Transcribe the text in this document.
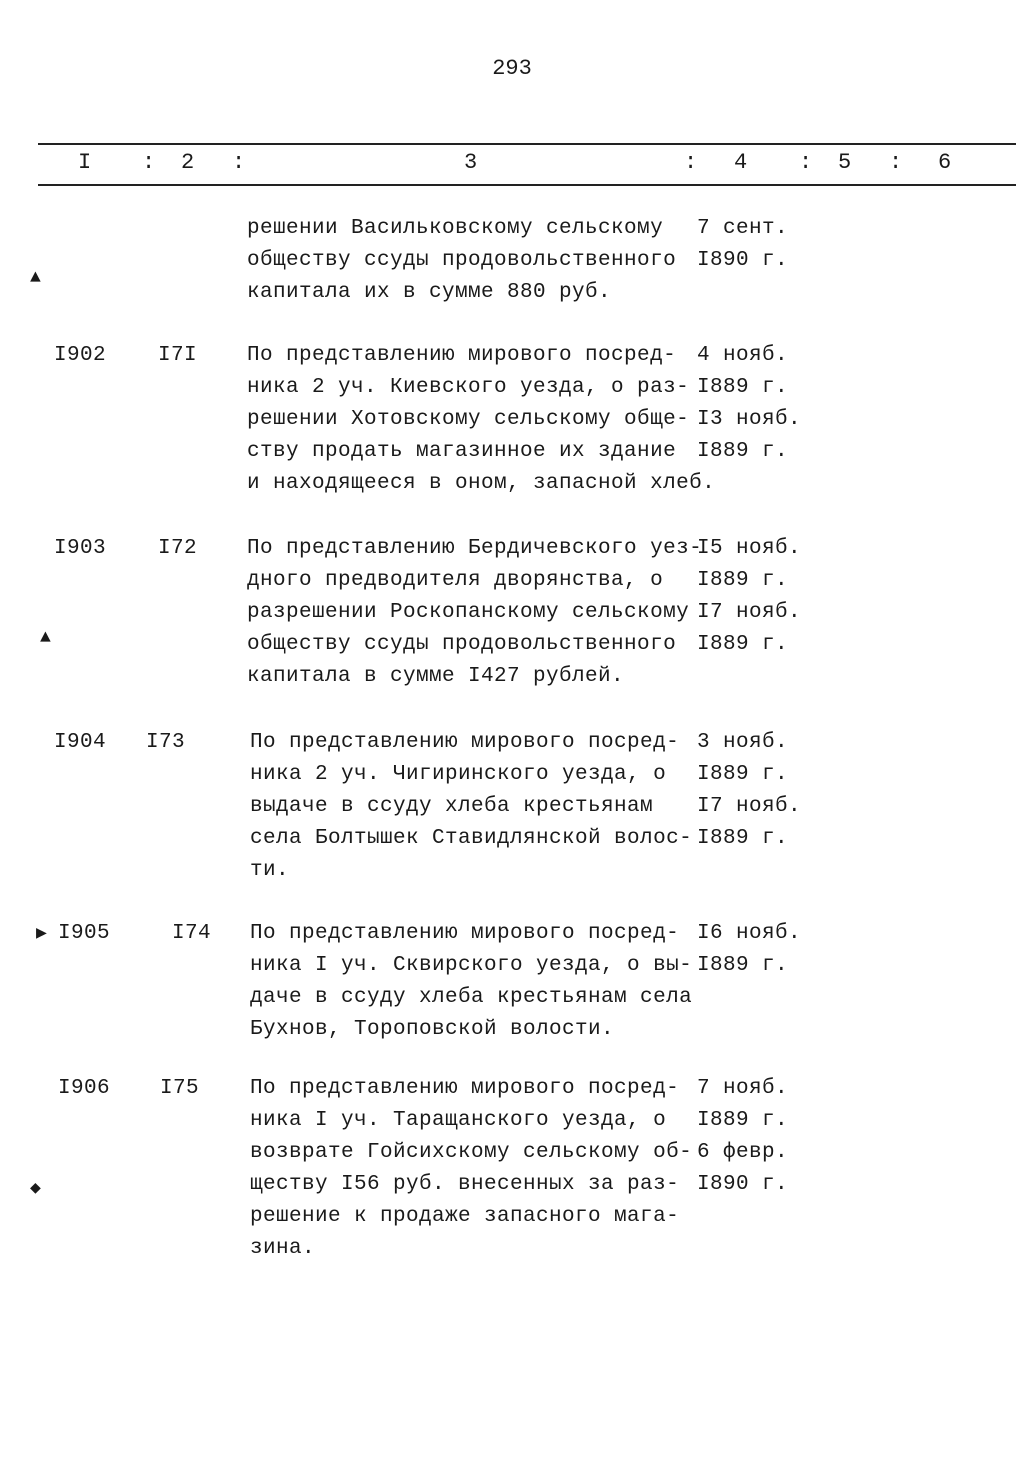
293
I : 2 :	3	: 4 : 5 : 6
решении Васильковскому сельскому
обществу ссуды продовольственного
капитала их в сумме 880 руб.
7 сент.
I890 г.
I902 I7I По представлению мирового посред-
ника 2 уч. Киевского уезда, о раз-
решении Хотовскому сельскому обще-
ству продать магазинное их здание
и находящееся в оном, запасной хлеб.
4 нояб.
I889 г.
I3 нояб.
I889 г.
I903 I72 По представлению Бердичевского уез-
дного предводителя дворянства, о
разрешении Роскопанскому сельскому
обществу ссуды продовольственного
капитала в сумме I427 рублей.
I5 нояб.
I889 г.
I7 нояб.
I889 г.
I904 I73	По представлению мирового посред-
ника 2 уч. Чигиринского уезда, о
выдаче в ссуду хлеба крестьянам
села Болтышек Ставидлянской волос-
ти.
3 нояб.
I889 г.
I7 нояб.
I889 г.
I905	I74 По представлению мирового посред-
ника I уч. Сквирского уезда, о вы-
даче в ссуду хлеба крестьянам села
Бухнов, Тороповской волости.
I6 нояб.
I889 г.
I906 I75 По представлению мирового посред-
ника I уч. Таращанского уезда, о
возврате Гойсихскому сельскому об-
ществу I56 руб. внесенных за раз-
решение к продаже запасного мага-
зина.
7 нояб.
I889 г.
6 февр.
I890 г.
▲
▲
▶
◆
